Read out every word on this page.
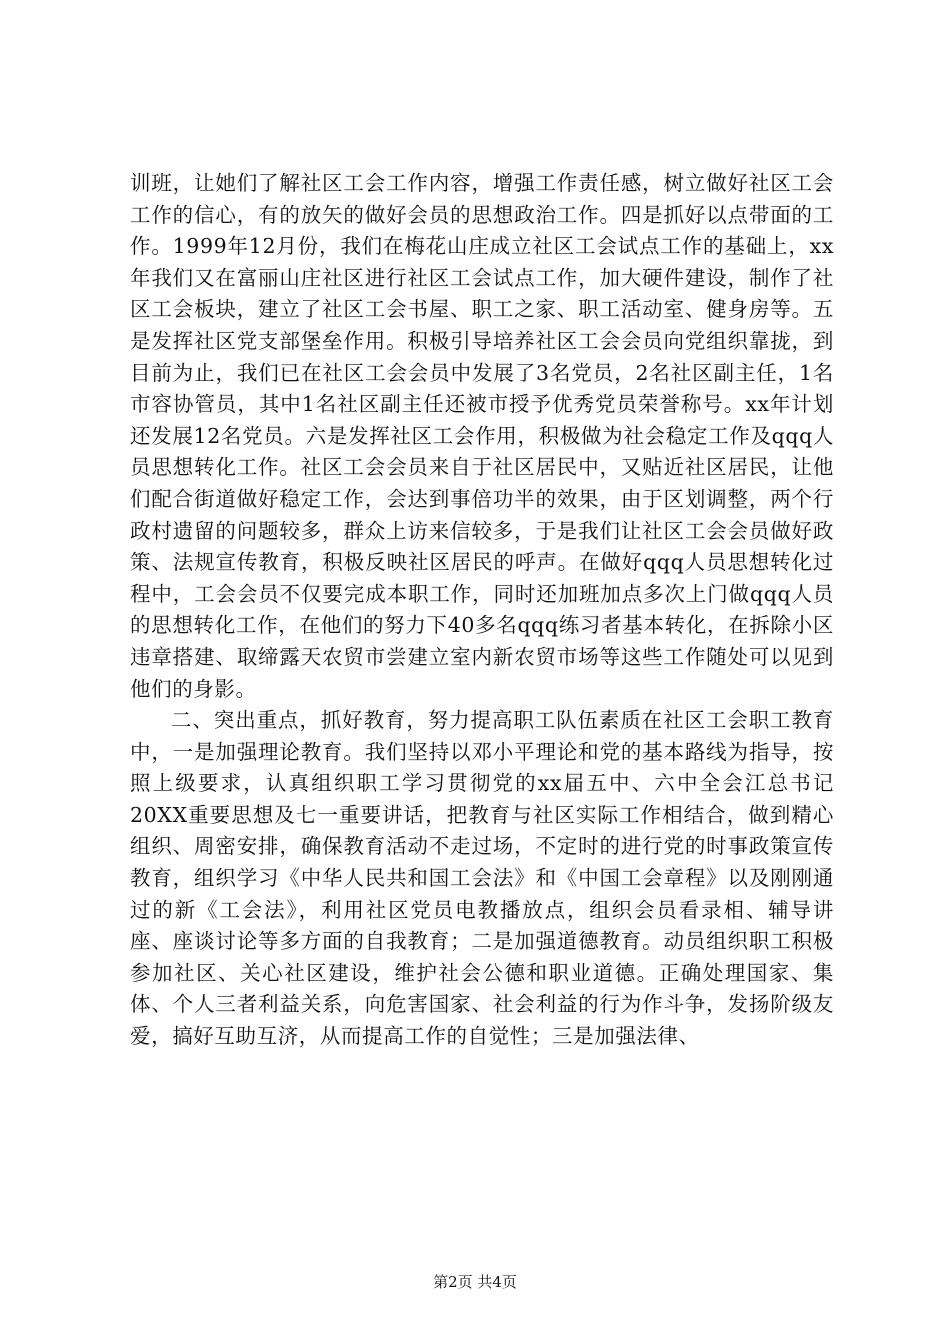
训班，让她们了解社区工会工作内容，增强工作责任感，树立做好社区工会工作的信心，有的放矢的做好会员的思想政治工作。四是抓好以点带面的工作。1999年12月份，我们在梅花山庄成立社区工会试点工作的基础上，xx年我们又在富丽山庄社区进行社区工会试点工作，加大硬件建设，制作了社区工会板块，建立了社区工会书屋、职工之家、职工活动室、健身房等。五是发挥社区党支部堡垒作用。积极引导培养社区工会会员向党组织靠拢，到目前为止，我们已在社区工会会员中发展了3名党员，2名社区副主任，1名市容协管员，其中1名社区副主任还被市授予优秀党员荣誉称号。xx年计划还发展12名党员。六是发挥社区工会作用，积极做为社会稳定工作及qqq人员思想转化工作。社区工会会员来自于社区居民中，又贴近社区居民，让他们配合街道做好稳定工作，会达到事倍功半的效果，由于区划调整，两个行政村遗留的问题较多，群众上访来信较多，于是我们让社区工会会员做好政策、法规宣传教育，积极反映社区居民的呼声。在做好qqq人员思想转化过程中，工会会员不仅要完成本职工作，同时还加班加点多次上门做qqq人员的思想转化工作，在他们的努力下40多名qqq练习者基本转化，在拆除小区违章搭建、取缔露天农贸市尝建立室内新农贸市场等这些工作随处可以见到他们的身影。

二、突出重点，抓好教育，努力提高职工队伍素质在社区工会职工教育中，一是加强理论教育。我们坚持以邓小平理论和党的基本路线为指导，按照上级要求，认真组织职工学习贯彻党的xx届五中、六中全会江总书记20XX重要思想及七一重要讲话，把教育与社区实际工作相结合，做到精心组织、周密安排，确保教育活动不走过场，不定时的进行党的时事政策宣传教育，组织学习《中华人民共和国工会法》和《中国工会章程》以及刚刚通过的新《工会法》，利用社区党员电教播放点，组织会员看录相、辅导讲座、座谈讨论等多方面的自我教育；二是加强道德教育。动员组织职工积极参加社区、关心社区建设，维护社会公德和职业道德。正确处理国家、集体、个人三者利益关系，向危害国家、社会利益的行为作斗争，发扬阶级友爱，搞好互助互济，从而提高工作的自觉性；三是加强法律、

第2页 共4页
